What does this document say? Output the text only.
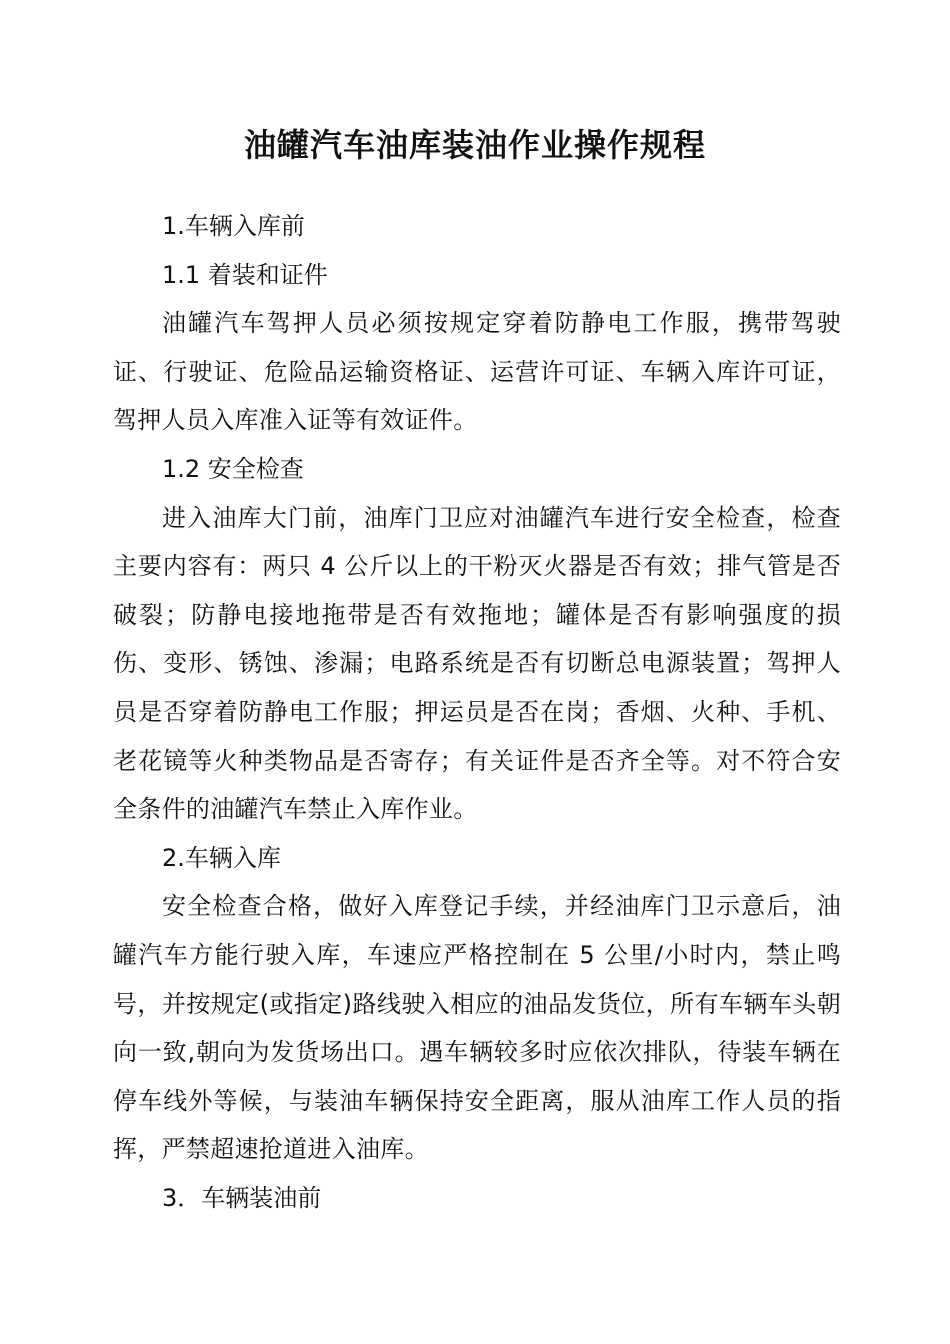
油罐汽车油库装油作业操作规程

1.车辆入库前

1.1 着装和证件

油罐汽车驾押人员必须按规定穿着防静电工作服，携带驾驶证、行驶证、危险品运输资格证、运营许可证、车辆入库许可证，驾押人员入库准入证等有效证件。

1.2 安全检查

进入油库大门前，油库门卫应对油罐汽车进行安全检查，检查主要内容有：两只 4 公斤以上的干粉灭火器是否有效；排气管是否破裂；防静电接地拖带是否有效拖地；罐体是否有影响强度的损伤、变形、锈蚀、渗漏；电路系统是否有切断总电源装置；驾押人员是否穿着防静电工作服；押运员是否在岗；香烟、火种、手机、老花镜等火种类物品是否寄存；有关证件是否齐全等。对不符合安全条件的油罐汽车禁止入库作业。

2.车辆入库

安全检查合格，做好入库登记手续，并经油库门卫示意后，油罐汽车方能行驶入库，车速应严格控制在 5 公里/小时内，禁止鸣号，并按规定(或指定)路线驶入相应的油品发货位，所有车辆车头朝向一致,朝向为发货场出口。遇车辆较多时应依次排队，待装车辆在停车线外等候，与装油车辆保持安全距离，服从油库工作人员的指挥，严禁超速抢道进入油库。

3．车辆装油前
